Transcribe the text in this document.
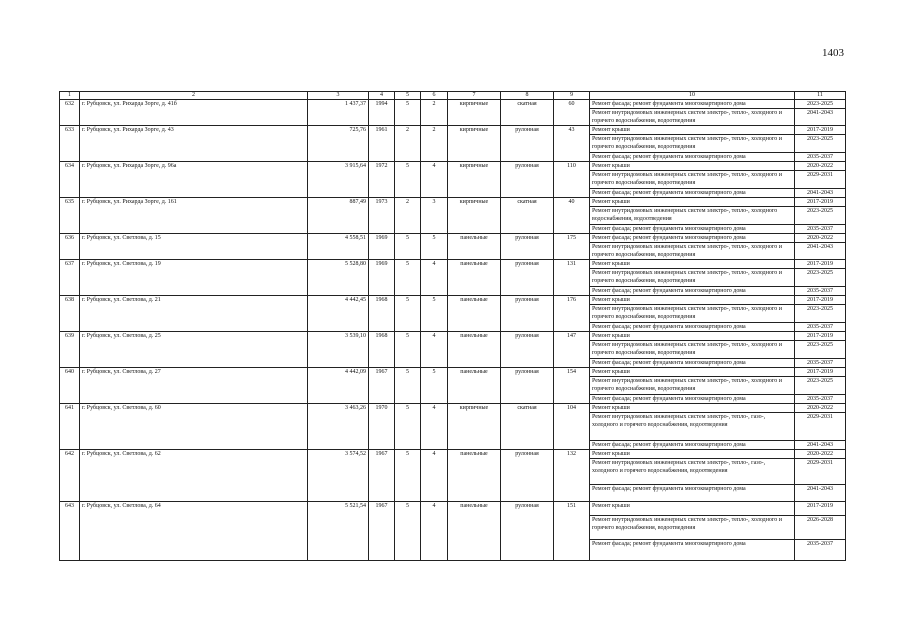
1403
1	2	3	4	5	6	7	8	9	10	11
632	г. Рубцовск, ул. Рихарда Зорге, д. 41б	1 437,37	1994	5	2	кирпичные	скатная	60	Ремонт фасада; ремонт фундамента многоквартирного дома	2023-2025
									Ремонт внутридомовых инженерных систем электро-, тепло-, холодного и горячего водоснабжения, водоотведения	2041-2043
633	г. Рубцовск, ул. Рихарда Зорге, д. 43	725,76	1961	2	2	кирпичные	рулонная	43	Ремонт крыши	2017-2019
									Ремонт внутридомовых инженерных систем электро-, тепло-, холодного и горячего водоснабжения, водоотведения	2023-2025
									Ремонт фасада; ремонт фундамента многоквартирного дома	2035-2037
634	г. Рубцовск, ул. Рихарда Зорге, д. 96а	3 915,64	1972	5	4	кирпичные	рулонная	110	Ремонт крыши	2020-2022
									Ремонт внутридомовых инженерных систем электро-, тепло-, холодного и горячего водоснабжения, водоотведения	2029-2031
									Ремонт фасада; ремонт фундамента многоквартирного дома	2041-2043
635	г. Рубцовск, ул. Рихарда Зорге, д. 161	887,49	1973	2	3	кирпичные	скатная	40	Ремонт крыши	2017-2019
									Ремонт внутридомовых инженерных систем электро-, тепло-, холодного водоснабжения, водоотведения	2023-2025
									Ремонт фасада; ремонт фундамента многоквартирного дома	2035-2037
636	г. Рубцовск, ул. Светлова, д. 15	4 558,51	1969	5	5	панельные	рулонная	175	Ремонт фасада; ремонт фундамента многоквартирного дома	2020-2022
									Ремонт внутридомовых инженерных систем электро-, тепло-, холодного и горячего водоснабжения, водоотведения	2041-2043
637	г. Рубцовск, ул. Светлова, д. 19	5 528,80	1969	5	4	панельные	рулонная	131	Ремонт крыши	2017-2019
									Ремонт внутридомовых инженерных систем электро-, тепло-, холодного и горячего водоснабжения, водоотведения	2023-2025
									Ремонт фасада; ремонт фундамента многоквартирного дома	2035-2037
638	г. Рубцовск, ул. Светлова, д. 21	4 442,45	1968	5	5	панельные	рулонная	176	Ремонт крыши	2017-2019
									Ремонт внутридомовых инженерных систем электро-, тепло-, холодного и горячего водоснабжения, водоотведения	2023-2025
									Ремонт фасада; ремонт фундамента многоквартирного дома	2035-2037
639	г. Рубцовск, ул. Светлова, д. 25	3 539,10	1968	5	4	панельные	рулонная	147	Ремонт крыши	2017-2019
									Ремонт внутридомовых инженерных систем электро-, тепло-, холодного и горячего водоснабжения, водоотведения	2023-2025
									Ремонт фасада; ремонт фундамента многоквартирного дома	2035-2037
640	г. Рубцовск, ул. Светлова, д. 27	4 442,09	1967	5	5	панельные	рулонная	154	Ремонт крыши	2017-2019
									Ремонт внутридомовых инженерных систем электро-, тепло-, холодного и горячего водоснабжения, водоотведения	2023-2025
									Ремонт фасада; ремонт фундамента многоквартирного дома	2035-2037
641	г. Рубцовск, ул. Светлова, д. 60	3 463,26	1970	5	4	кирпичные	скатная	104	Ремонт крыши	2020-2022
									Ремонт внутридомовых инженерных систем электро-, тепло-, газо-, холодного и горячего водоснабжения, водоотведения	2029-2031
									Ремонт фасада; ремонт фундамента многоквартирного дома	2041-2043
642	г. Рубцовск, ул. Светлова, д. 62	3 574,52	1967	5	4	панельные	рулонная	132	Ремонт крыши	2020-2022
									Ремонт внутридомовых инженерных систем электро-, тепло-, газо-, холодного и горячего водоснабжения, водоотведения	2029-2031
									Ремонт фасада; ремонт фундамента многоквартирного дома	2041-2043
643	г. Рубцовск, ул. Светлова, д. 64	5 521,54	1967	5	4	панельные	рулонная	151	Ремонт крыши	2017-2019
									Ремонт внутридомовых инженерных систем электро-, тепло-, холодного и горячего водоснабжения, водоотведения	2026-2028
									Ремонт фасада; ремонт фундамента многоквартирного дома	2035-2037
